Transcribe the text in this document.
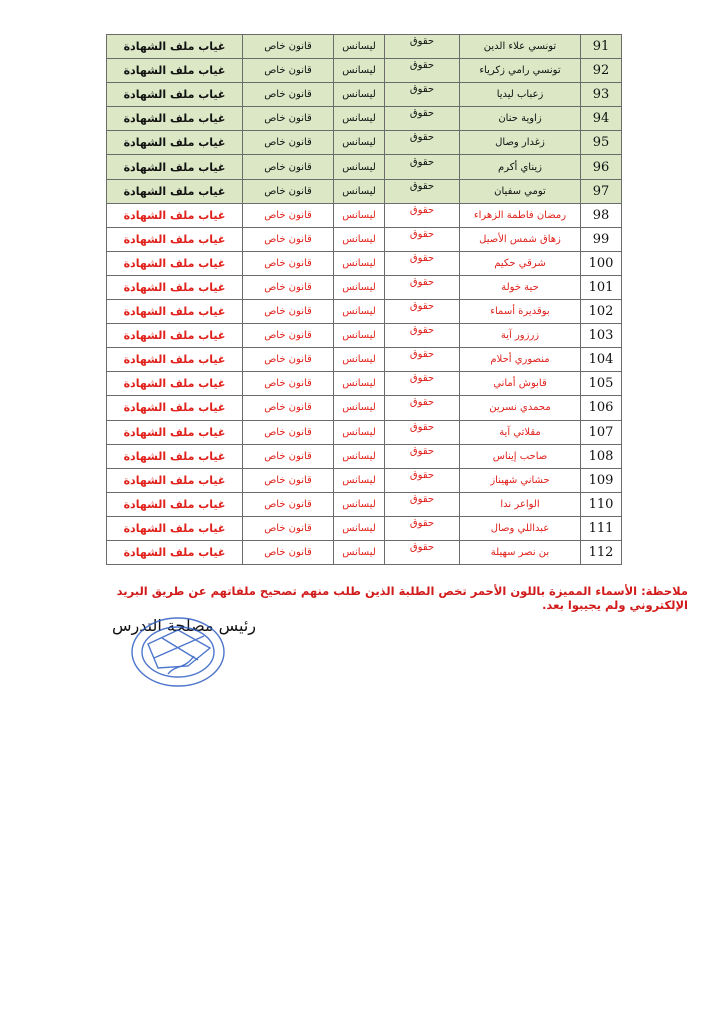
91	تونسي علاء الدين	حقوق	ليسانس	قانون خاص	غياب ملف الشهادة
92	تونسي رامي زكرياء	حقوق	ليسانس	قانون خاص	غياب ملف الشهادة
93	زعباب ليديا	حقوق	ليسانس	قانون خاص	غياب ملف الشهادة
94	زاوية حنان	حقوق	ليسانس	قانون خاص	غياب ملف الشهادة
95	زغدار وصال	حقوق	ليسانس	قانون خاص	غياب ملف الشهادة
96	زيناي أكرم	حقوق	ليسانس	قانون خاص	غياب ملف الشهادة
97	تومي سفيان	حقوق	ليسانس	قانون خاص	غياب ملف الشهادة
98	رمضان فاطمة الزهراء	حقوق	ليسانس	قانون خاص	غياب ملف الشهادة
99	زهاق شمس الأصيل	حقوق	ليسانس	قانون خاص	غياب ملف الشهادة
100	شرقي حكيم	حقوق	ليسانس	قانون خاص	غياب ملف الشهادة
101	حية خولة	حقوق	ليسانس	قانون خاص	غياب ملف الشهادة
102	بوقديرة أسماء	حقوق	ليسانس	قانون خاص	غياب ملف الشهادة
103	زرزور آية	حقوق	ليسانس	قانون خاص	غياب ملف الشهادة
104	منصوري أحلام	حقوق	ليسانس	قانون خاص	غياب ملف الشهادة
105	قابوش أماني	حقوق	ليسانس	قانون خاص	غياب ملف الشهادة
106	محمدي نسرين	حقوق	ليسانس	قانون خاص	غياب ملف الشهادة
107	مقلاتي آية	حقوق	ليسانس	قانون خاص	غياب ملف الشهادة
108	صاحب إيناس	حقوق	ليسانس	قانون خاص	غياب ملف الشهادة
109	حشاني شهيناز	حقوق	ليسانس	قانون خاص	غياب ملف الشهادة
110	الواعر ندا	حقوق	ليسانس	قانون خاص	غياب ملف الشهادة
111	عبداللي وصال	حقوق	ليسانس	قانون خاص	غياب ملف الشهادة
112	بن نصر سهيلة	حقوق	ليسانس	قانون خاص	غياب ملف الشهادة
ملاحظة: الأسماء المميزة باللون الأحمر تخص الطلبة الذين طلب منهم تصحيح ملفاتهم عن طريق البريد الإلكتروني ولم يجيبوا بعد.
رئيس مصلحة التدرس
